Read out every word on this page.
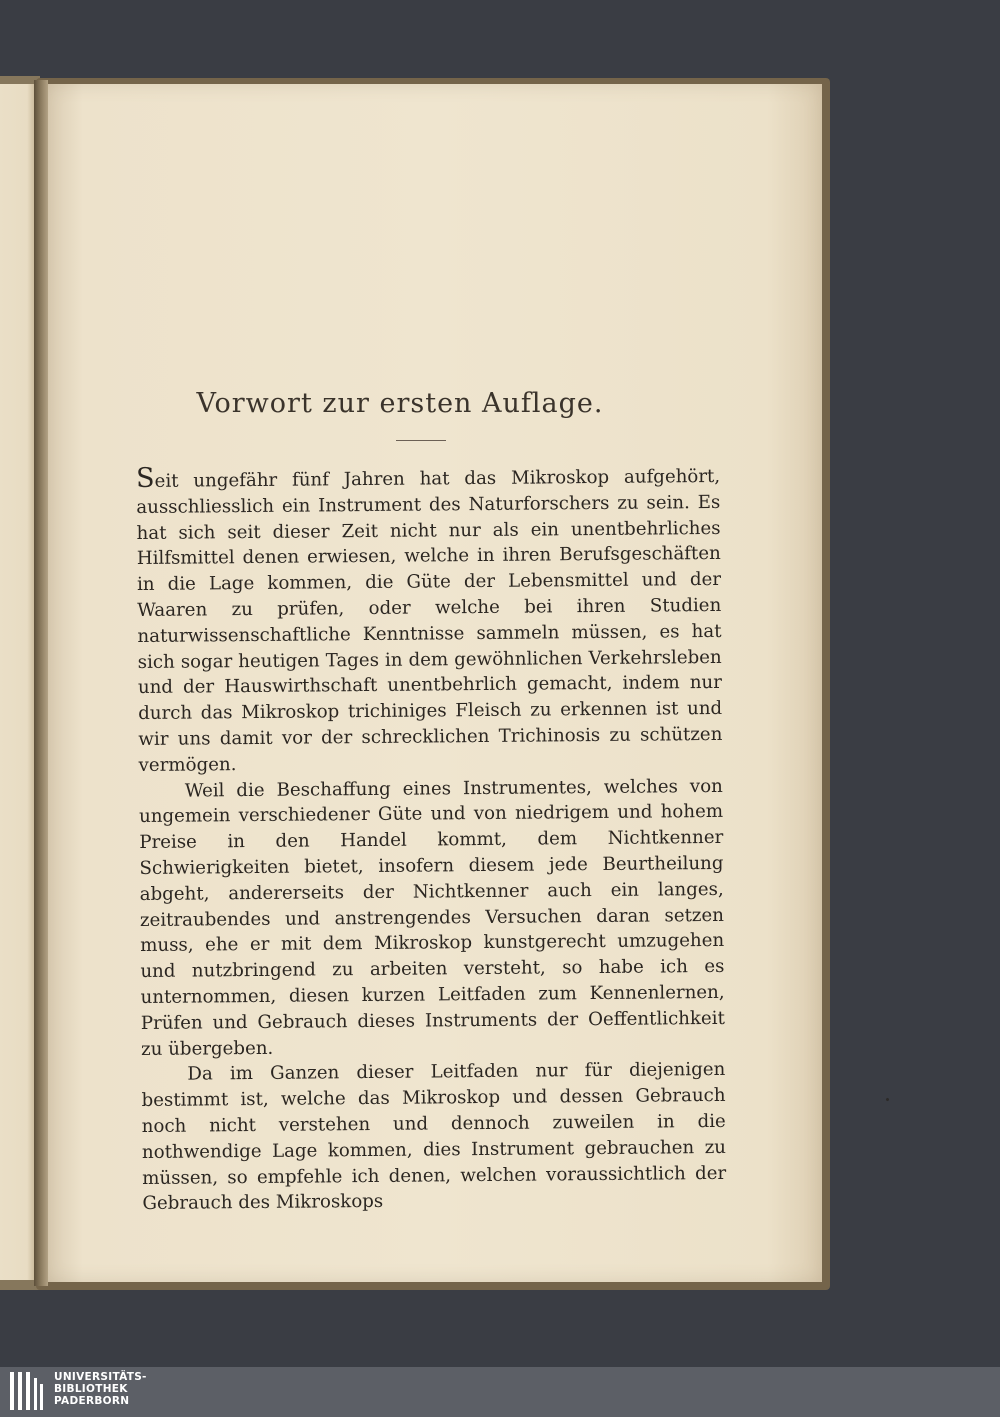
Vorwort zur ersten Auflage.

Seit ungefähr fünf Jahren hat das Mikroskop aufgehört, ausschliesslich ein Instrument des Naturforschers zu sein. Es hat sich seit dieser Zeit nicht nur als ein unentbehrliches Hilfsmittel denen erwiesen, welche in ihren Berufsgeschäften in die Lage kommen, die Güte der Lebensmittel und der Waaren zu prüfen, oder welche bei ihren Studien naturwissenschaftliche Kenntnisse sammeln müssen, es hat sich sogar heutigen Tages in dem gewöhnlichen Verkehrsleben und der Hauswirthschaft unentbehrlich gemacht, indem nur durch das Mikroskop trichiniges Fleisch zu erkennen ist und wir uns damit vor der schrecklichen Trichinosis zu schützen vermögen.

Weil die Beschaffung eines Instrumentes, welches von ungemein verschiedener Güte und von niedrigem und hohem Preise in den Handel kommt, dem Nichtkenner Schwierigkeiten bietet, insofern diesem jede Beurtheilung abgeht, andererseits der Nichtkenner auch ein langes, zeitraubendes und anstrengendes Versuchen daran setzen muss, ehe er mit dem Mikroskop kunstgerecht umzugehen und nutzbringend zu arbeiten versteht, so habe ich es unternommen, diesen kurzen Leitfaden zum Kennenlernen, Prüfen und Gebrauch dieses Instruments der Oeffentlichkeit zu übergeben.

Da im Ganzen dieser Leitfaden nur für diejenigen bestimmt ist, welche das Mikroskop und dessen Gebrauch noch nicht verstehen und dennoch zuweilen in die nothwendige Lage kommen, dies Instrument gebrauchen zu müssen, so empfehle ich denen, welchen voraussichtlich der Gebrauch des Mikroskops

UNIVERSITÄTS-
BIBLIOTHEK
PADERBORN
